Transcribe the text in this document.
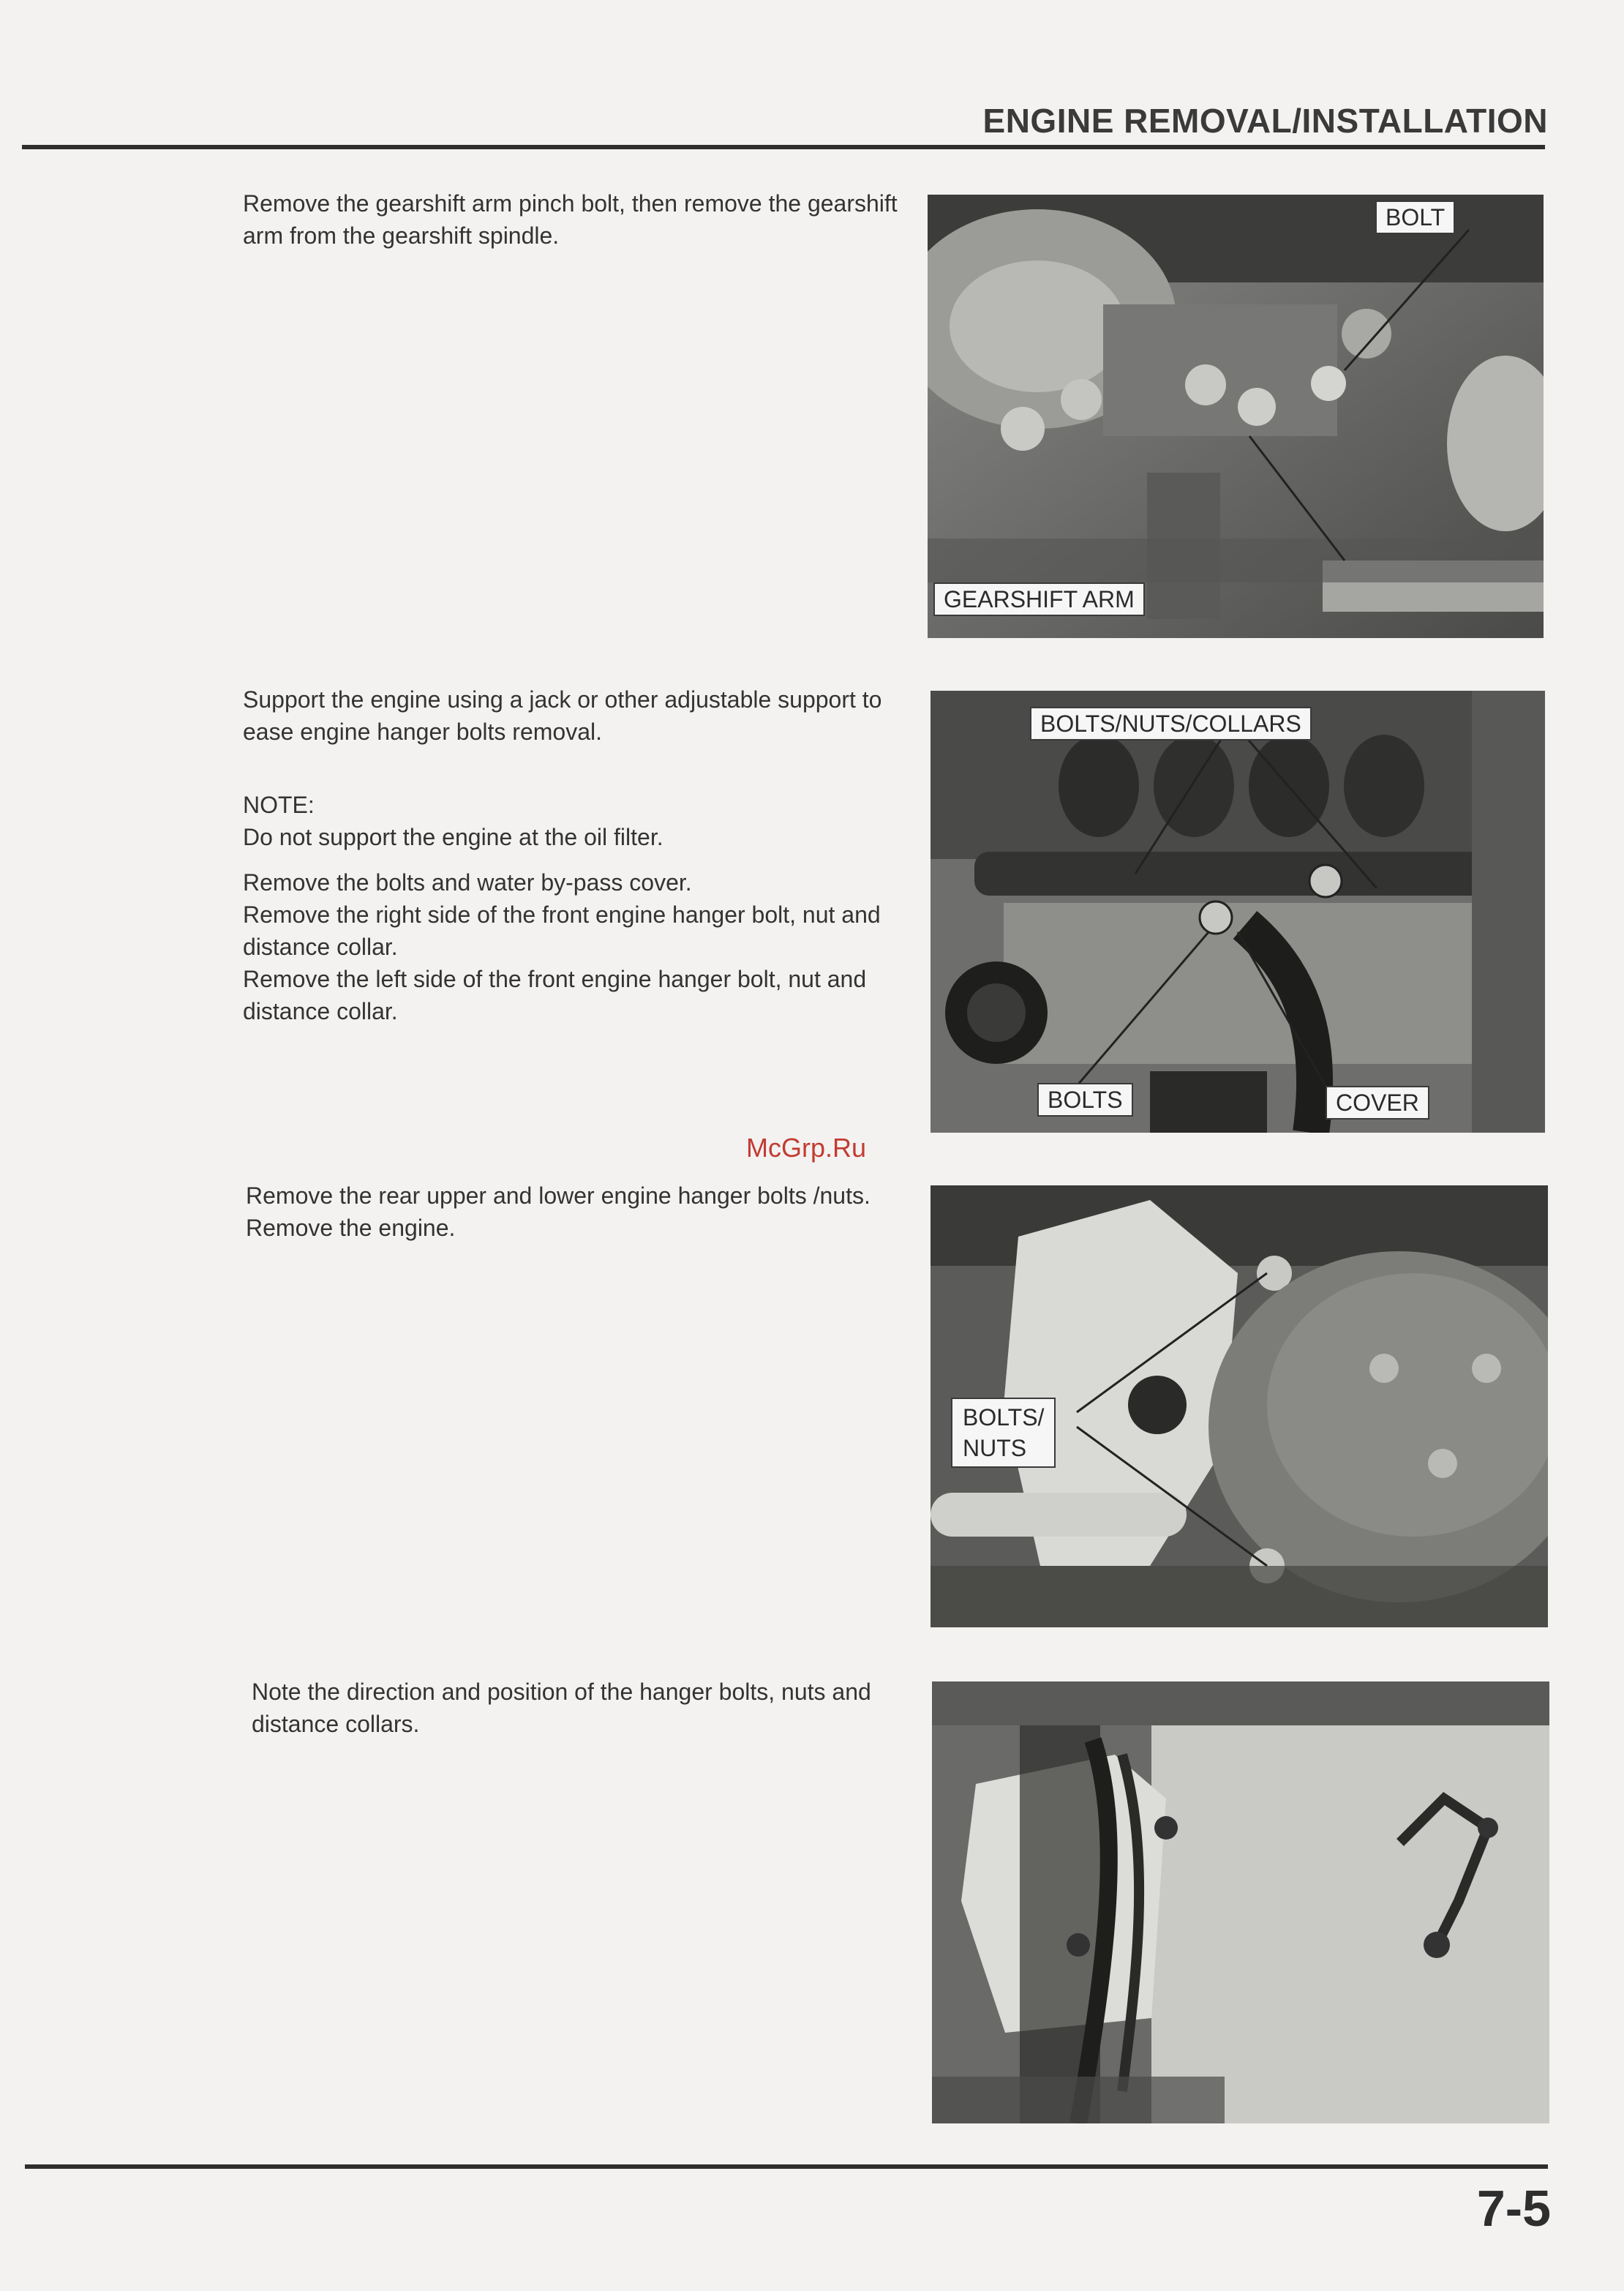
ENGINE REMOVAL/INSTALLATION

Remove the gearshift arm pinch bolt, then remove the gearshift arm from the gearshift spindle.

BOLT
GEARSHIFT ARM

Support the engine using a jack or other adjustable support to ease engine hanger bolts removal.

NOTE:

Do not support the engine at the oil filter.

Remove the bolts and water by-pass cover.

Remove the right side of the front engine hanger bolt, nut and distance collar.

Remove the left side of the front engine hanger bolt, nut and distance collar.

BOLTS/NUTS/COLLARS
BOLTS	COVER
McGrp.Ru

Remove the rear upper and lower engine hanger bolts /nuts.

Remove the engine.

BOLTS/
NUTS

Note the direction and position of the hanger bolts, nuts and distance collars.

7-5
